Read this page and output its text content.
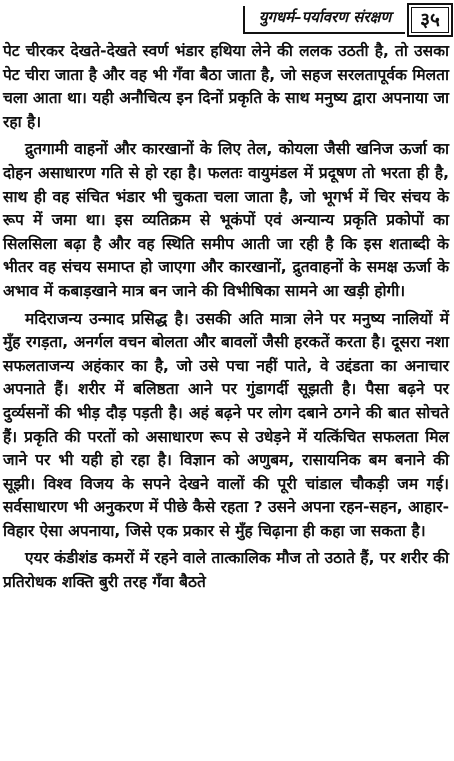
युगधर्म–पर्यावरण संरक्षण	३५

पेट चीरकर देखते-देखते स्वर्ण भंडार हथिया लेने की ललक उठती है, तो उसका पेट चीरा जाता है और वह भी गँवा बैठा जाता है, जो सहज सरलतापूर्वक मिलता चला आता था। यही अनौचित्य इन दिनों प्रकृति के साथ मनुष्य द्वारा अपनाया जा रहा है।

द्रुतगामी वाहनों और कारखानों के लिए तेल, कोयला जैसी खनिज ऊर्जा का दोहन असाधारण गति से हो रहा है। फलतः वायुमंडल में प्रदूषण तो भरता ही है, साथ ही वह संचित भंडार भी चुकता चला जाता है, जो भूगर्भ में चिर संचय के रूप में जमा था। इस व्यतिक्रम से भूकंपों एवं अन्यान्य प्रकृति प्रकोपों का सिलसिला बढ़ा है और वह स्थिति समीप आती जा रही है कि इस शताब्दी के भीतर वह संचय समाप्त हो जाएगा और कारखानों, द्रुतवाहनों के समक्ष ऊर्जा के अभाव में कबाड़खाने मात्र बन जाने की विभीषिका सामने आ खड़ी होगी।

मदिराजन्य उन्माद प्रसिद्ध है। उसकी अति मात्रा लेने पर मनुष्य नालियों में मुँह रगड़ता, अनर्गल वचन बोलता और बावलों जैसी हरकतें करता है। दूसरा नशा सफलताजन्य अहंकार का है, जो उसे पचा नहीं पाते, वे उद्दंडता का अनाचार अपनाते हैं। शरीर में बलिष्ठता आने पर गुंडागर्दी सूझती है। पैसा बढ़ने पर दुर्व्यसनों की भीड़ दौड़ पड़ती है। अहं बढ़ने पर लोग दबाने ठगने की बात सोचते हैं। प्रकृति की परतों को असाधारण रूप से उधेड़ने में यत्किंचित सफलता मिल जाने पर भी यही हो रहा है। विज्ञान को अणुबम, रासायनिक बम बनाने की सूझी। विश्व विजय के सपने देखने वालों की पूरी चांडाल चौकड़ी जम गई। सर्वसाधारण भी अनुकरण में पीछे कैसे रहता ? उसने अपना रहन-सहन, आहार-विहार ऐसा अपनाया, जिसे एक प्रकार से मुँह चिढ़ाना ही कहा जा सकता है।

एयर कंडीशंड कमरों में रहने वाले तात्कालिक मौज तो उठाते हैं, पर शरीर की प्रतिरोधक शक्ति बुरी तरह गँवा बैठते
